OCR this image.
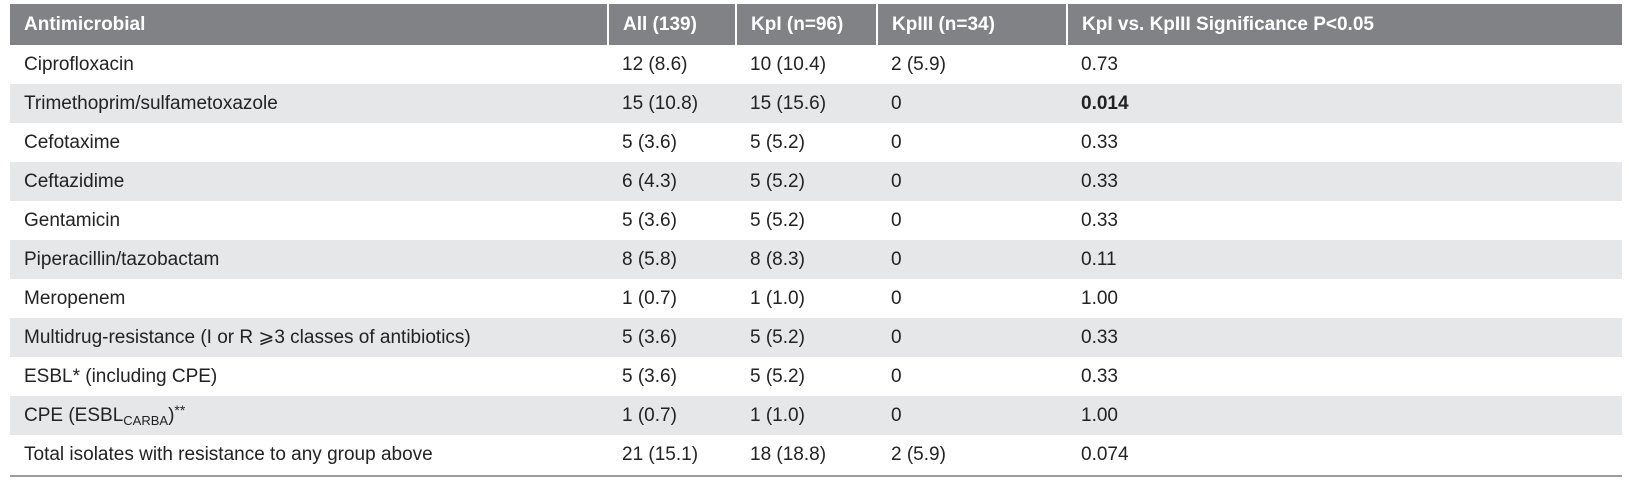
Antimicrobial	All (139)	KpI (n=96)	KpIII (n=34)	KpI vs. KpIII Significance P<0.05
Ciprofloxacin	12 (8.6)	10 (10.4)	2 (5.9)	0.73
Trimethoprim/sulfametoxazole	15 (10.8)	15 (15.6)	0	0.014
Cefotaxime	5 (3.6)	5 (5.2)	0	0.33
Ceftazidime	6 (4.3)	5 (5.2)	0	0.33
Gentamicin	5 (3.6)	5 (5.2)	0	0.33
Piperacillin/tazobactam	8 (5.8)	8 (8.3)	0	0.11
Meropenem	1 (0.7)	1 (1.0)	0	1.00
Multidrug-resistance (I or R ⩾3 classes of antibiotics)	5 (3.6)	5 (5.2)	0	0.33
ESBL* (including CPE)	5 (3.6)	5 (5.2)	0	0.33
CPE $(ESBL_{CARBA})^{**}$	1 (0.7)	1 (1.0)	0	1.00
Total isolates with resistance to any group above	21 (15.1)	18 (18.8)	2 (5.9)	0.074
